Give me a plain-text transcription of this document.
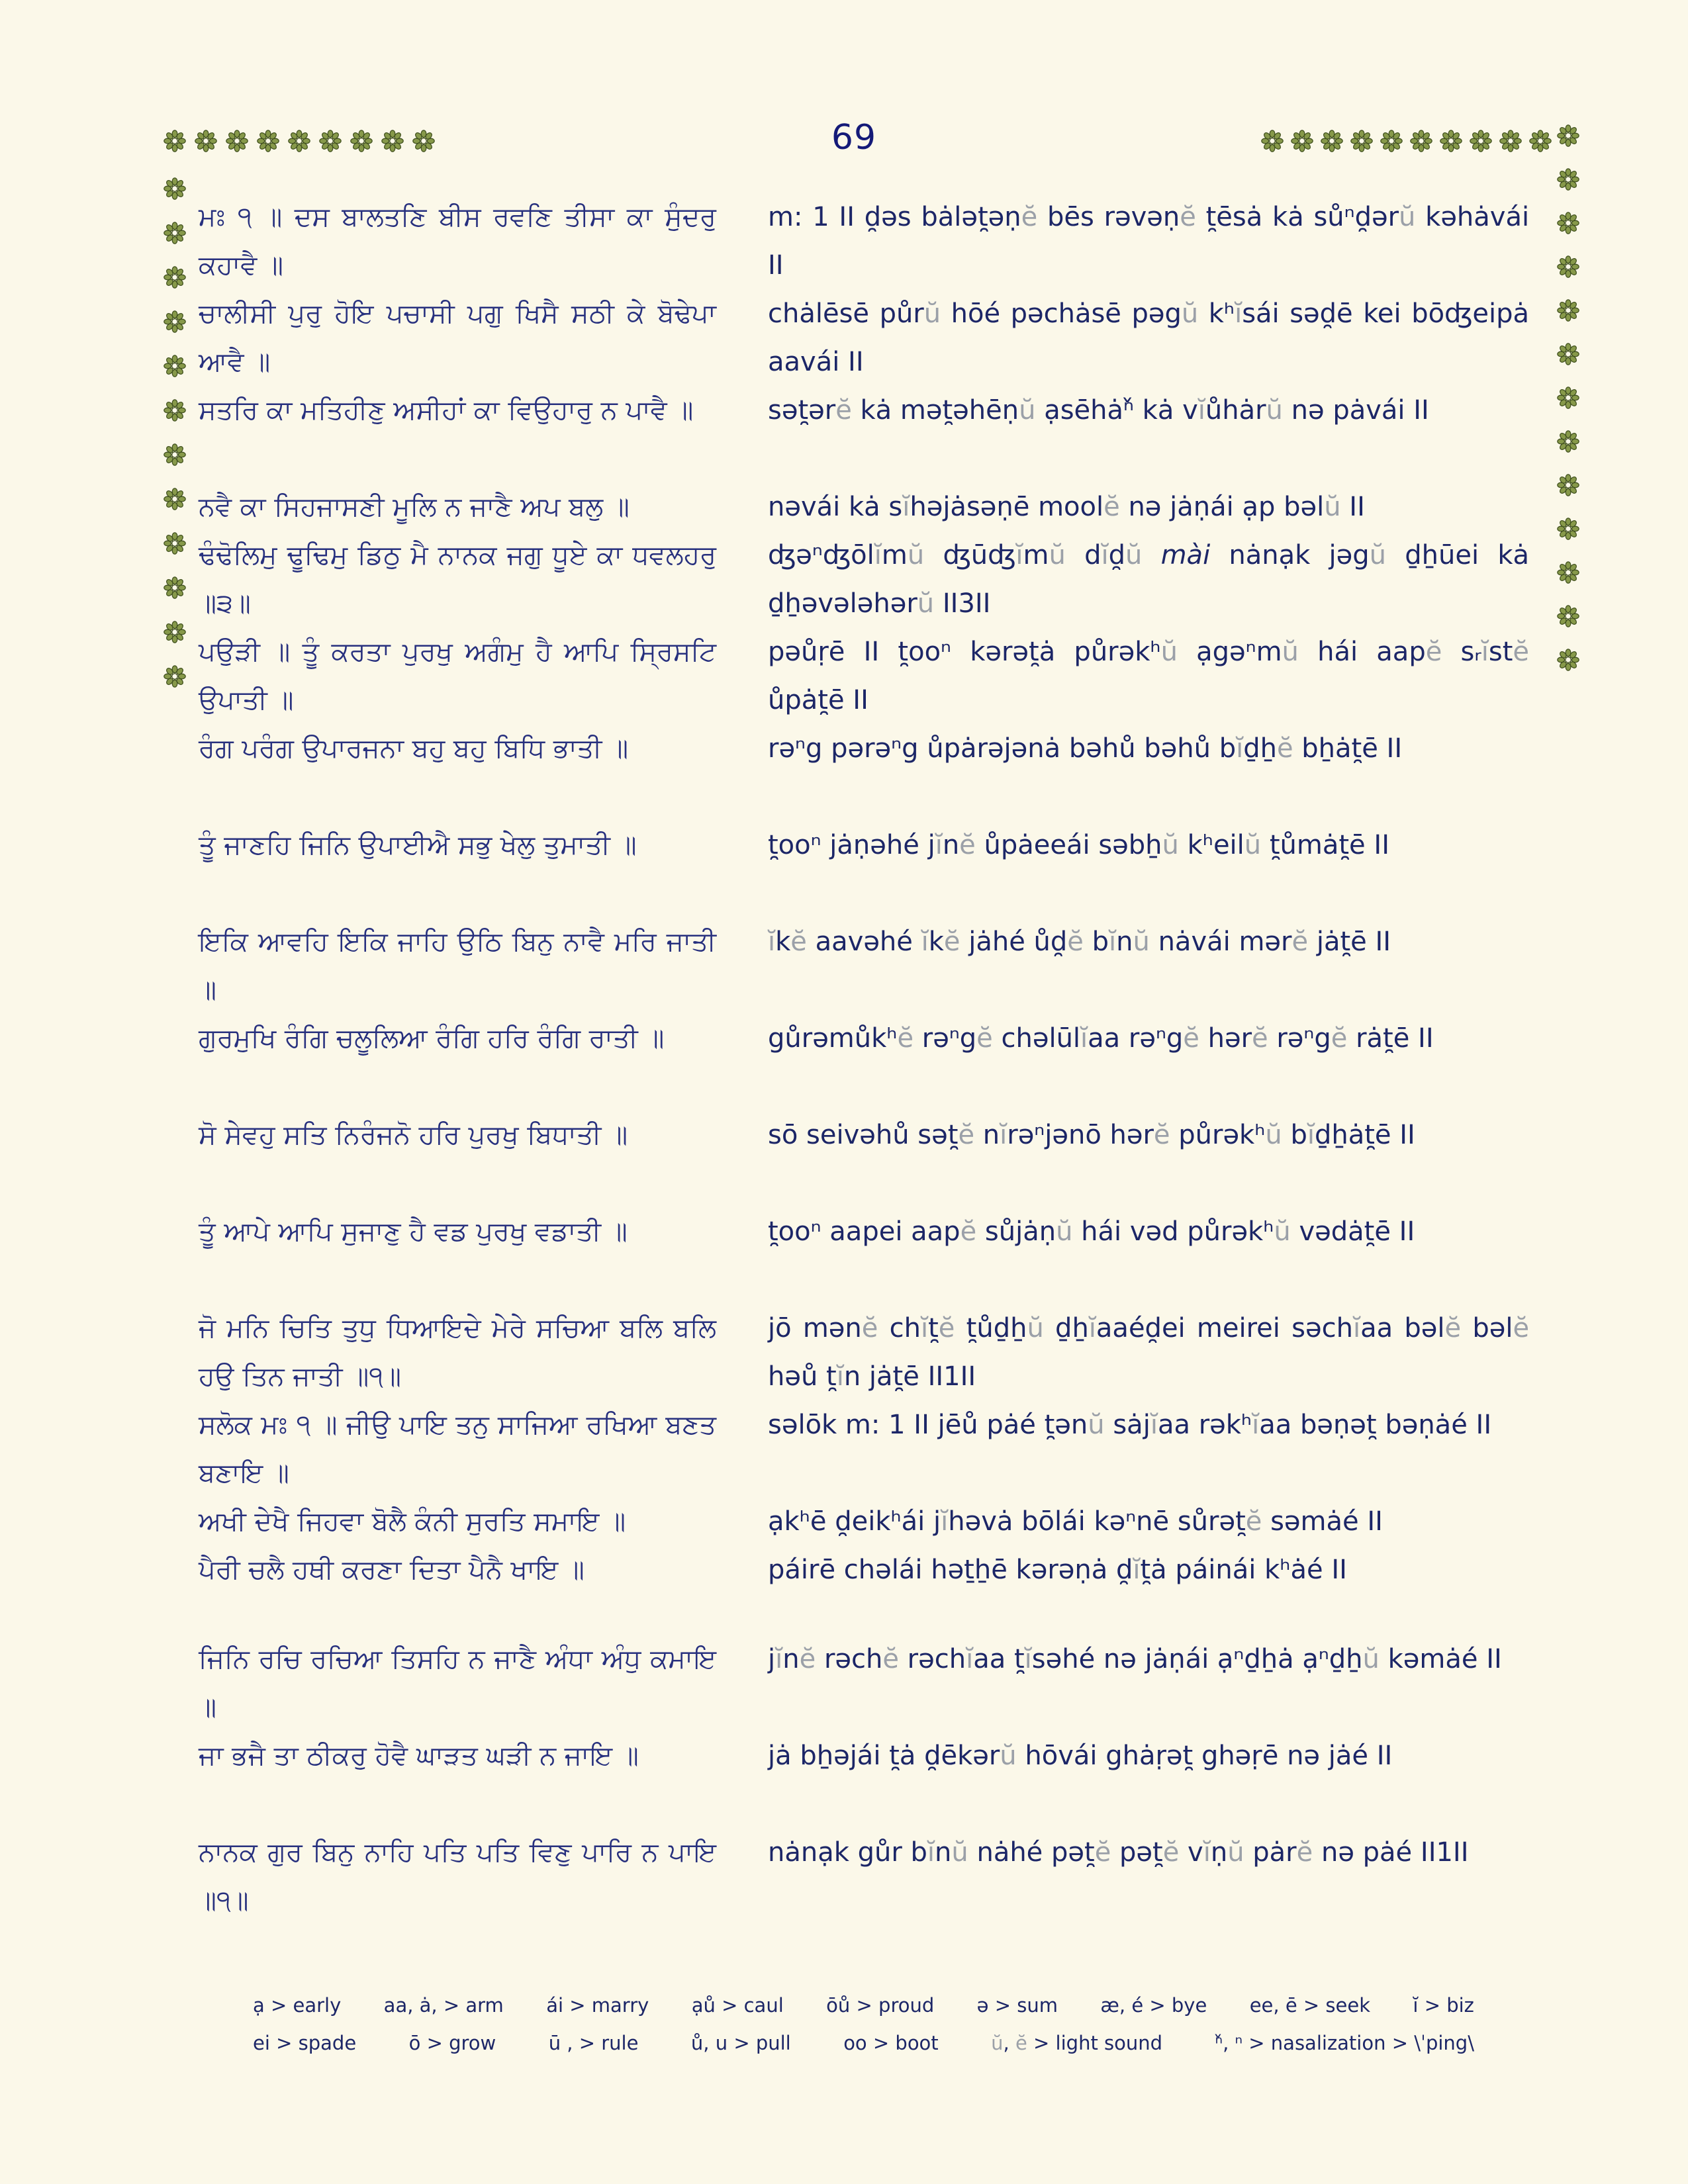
69
ਮਃ ੧ ॥ ਦਸ ਬਾਲਤਣਿ ਬੀਸ ਰਵਣਿ ਤੀਸਾ ਕਾ ਸੁੰਦਰੁ ਕਹਾਵੈ ॥
m: 1 II d̯əs bȧlət̯əṇĕ bēs rəvəṇĕ t̯ēsȧ kȧ sůⁿd̯ərŭ kəhȧvái II
ਚਾਲੀਸੀ ਪੁਰੁ ਹੋਇ ਪਚਾਸੀ ਪਗੁ ਖਿਸੈ ਸਠੀ ਕੇ ਬੋਢੇਪਾ ਆਵੈ ॥
chȧlēsē půrŭ hōé pəchȧsē pəgŭ kʰĭsái səd̯ē kei bōʤeipȧ aavái II
ਸਤਰਿ ਕਾ ਮਤਿਹੀਣੁ ਅਸੀਹਾਂ ਕਾ ਵਿਉਹਾਰੁ ਨ ਪਾਵੈ ॥	sət̯ərĕ kȧ mət̯əhēṇŭ ạsēhȧⁿ̌ kȧ vĭůhȧrŭ nə pȧvái II
ਨਵੈ ਕਾ ਸਿਹਜਾਸਣੀ ਮੂਲਿ ਨ ਜਾਣੈ ਅਪ ਬਲੁ ॥	nəvái kȧ sĭhəjȧsəṇē moolĕ nə jȧṇái ạp bəlŭ II
ਢੰਢੋਲਿਮੁ ਢੂਢਿਮੁ ਡਿਠੁ ਮੈ ਨਾਨਕ ਜਗੁ ਧੂਏ ਕਾ ਧਵਲਹਰੁ ॥੩॥
ʤəⁿʤōlĭmŭ ʤūʤĭmŭ dĭd̯ŭ mài nȧnạk jəgŭ ḏẖūei kȧ ḏẖəvələhərŭ II3II
ਪਉੜੀ ॥ ਤੂੰ ਕਰਤਾ ਪੁਰਖੁ ਅਗੰਮੁ ਹੈ ਆਪਿ ਸ੍ਰਿਸਟਿ ਉਪਾਤੀ ॥
pəůṛē II t̯ooⁿ kərət̯ȧ půrəkʰŭ ạgəⁿmŭ hái aapĕ sᵣĭstĕ ůpȧt̯ē II
ਰੰਗ ਪਰੰਗ ਉਪਾਰਜਨਾ ਬਹੁ ਬਹੁ ਬਿਧਿ ਭਾਤੀ ॥	rəⁿg pərəⁿg ůpȧrəjənȧ bəhů bəhů bĭḏẖĕ bẖȧt̯ē II
ਤੂੰ ਜਾਣਹਿ ਜਿਨਿ ਉਪਾਈਐ ਸਭੁ ਖੇਲੁ ਤੁਮਾਤੀ ॥	t̯ooⁿ jȧṇəhé jĭnĕ ůpȧeeái səbẖŭ kʰeilŭ t̯ůmȧt̯ē II
ਇਕਿ ਆਵਹਿ ਇਕਿ ਜਾਹਿ ਉਠਿ ਬਿਨੁ ਨਾਵੈ ਮਰਿ ਜਾਤੀ ॥
ĭkĕ aavəhé ĭkĕ jȧhé ůd̯ĕ bĭnŭ nȧvái mərĕ jȧt̯ē II
ਗੁਰਮੁਖਿ ਰੰਗਿ ਚਲੂਲਿਆ ਰੰਗਿ ਹਰਿ ਰੰਗਿ ਰਾਤੀ ॥	gůrəmůkʰĕ rəⁿgĕ chəlūlĭaa rəⁿgĕ hərĕ rəⁿgĕ rȧt̯ē II
ਸੋ ਸੇਵਹੁ ਸਤਿ ਨਿਰੰਜਨੋ ਹਰਿ ਪੁਰਖੁ ਬਿਧਾਤੀ ॥	sō seivəhů sət̯ĕ nĭrəⁿjənō hərĕ půrəkʰŭ bĭḏẖȧt̯ē II
ਤੂੰ ਆਪੇ ਆਪਿ ਸੁਜਾਣੁ ਹੈ ਵਡ ਪੁਰਖੁ ਵਡਾਤੀ ॥	t̯ooⁿ aapei aapĕ sůjȧṇŭ hái vəd půrəkʰŭ vədȧt̯ē II
ਜੋ ਮਨਿ ਚਿਤਿ ਤੁਧੁ ਧਿਆਇਦੇ ਮੇਰੇ ਸਚਿਆ ਬਲਿ ਬਲਿ ਹਉ ਤਿਨ ਜਾਤੀ ॥੧॥
jō mənĕ chĭt̯ĕ t̯ůḏẖŭ ḏẖĭaaéd̯ei meirei səchĭaa bəlĕ bəlĕ həů t̯ĭn jȧt̯ē II1II
ਸਲੋਕ ਮਃ ੧ ॥ ਜੀਉ ਪਾਇ ਤਨੁ ਸਾਜਿਆ ਰਖਿਆ ਬਣਤ ਬਣਾਇ ॥
səlōk m: 1 II jēů pȧé t̯ənŭ sȧjĭaa rəkʰĭaa bəṇət̯ bəṇȧé II
ਅਖੀ ਦੇਖੈ ਜਿਹਵਾ ਬੋਲੈ ਕੰਨੀ ਸੁਰਤਿ ਸਮਾਇ ॥	ạkʰē d̯eikʰái jĭhəvȧ bōlái kəⁿnē sůrət̯ĕ səmȧé II
ਪੈਰੀ ਚਲੈ ਹਥੀ ਕਰਣਾ ਦਿਤਾ ਪੈਨੈ ਖਾਇ ॥	páirē chəlái həṯẖē kərəṇȧ d̯ĭt̯ȧ páinái kʰȧé II
ਜਿਨਿ ਰਚਿ ਰਚਿਆ ਤਿਸਹਿ ਨ ਜਾਣੈ ਅੰਧਾ ਅੰਧੁ ਕਮਾਇ ॥
jĭnĕ rəchĕ rəchĭaa t̯ĭsəhé nə jȧṇái ạⁿḏẖȧ ạⁿḏẖŭ kəmȧé II
ਜਾ ਭਜੈ ਤਾ ਠੀਕਰੁ ਹੋਵੈ ਘਾੜਤ ਘੜੀ ਨ ਜਾਇ ॥	jȧ bẖəjái t̯ȧ d̯ēkərŭ hōvái ghȧṛət̯ ghəṛē nə jȧé II
ਨਾਨਕ ਗੁਰ ਬਿਨੁ ਨਾਹਿ ਪਤਿ ਪਤਿ ਵਿਣੁ ਪਾਰਿ ਨ ਪਾਇ ॥੧॥
nȧnạk gůr bĭnŭ nȧhé pət̯ĕ pət̯ĕ vĭṇŭ pȧrĕ nə pȧé II1II
ạ > early aa, ȧ, > arm ái > marry ạů > caul ōů > proud ə > sum æ, é > bye ee, ē > seek ĭ > biz
ei > spade	ō > grow	ū , > rule	ů, u > pull	oo > boot	ŭ, ĕ > light sound	ⁿ̌, ⁿ > nasalization > \ˈping\
